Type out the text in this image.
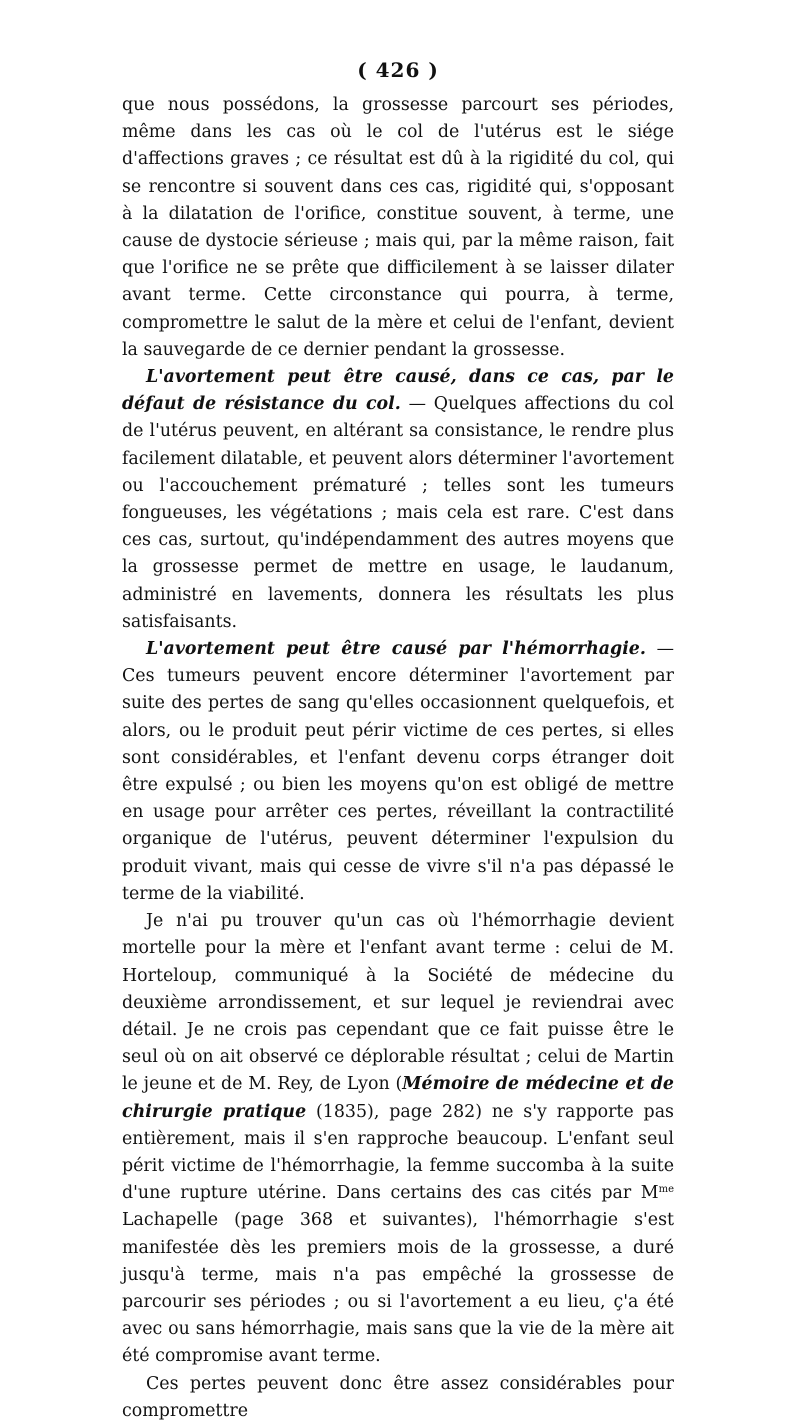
( 426 )

que nous possédons, la grossesse parcourt ses périodes, même dans les cas où le col de l'utérus est le siége d'affections graves ; ce résultat est dû à la rigidité du col, qui se rencontre si souvent dans ces cas, rigidité qui, s'opposant à la dilatation de l'orifice, constitue souvent, à terme, une cause de dystocie sérieuse ; mais qui, par la même raison, fait que l'orifice ne se prête que difficilement à se laisser dilater avant terme. Cette circonstance qui pourra, à terme, compromettre le salut de la mère et celui de l'enfant, devient la sauvegarde de ce dernier pendant la grossesse.

L'avortement peut être causé, dans ce cas, par le défaut de résistance du col. — Quelques affections du col de l'utérus peuvent, en altérant sa consistance, le rendre plus facilement dilatable, et peuvent alors déterminer l'avortement ou l'accouchement prématuré ; telles sont les tumeurs fongueuses, les végétations ; mais cela est rare. C'est dans ces cas, surtout, qu'indépendamment des autres moyens que la grossesse permet de mettre en usage, le laudanum, administré en lavements, donnera les résultats les plus satisfaisants.

L'avortement peut être causé par l'hémorrhagie. — Ces tumeurs peuvent encore déterminer l'avortement par suite des pertes de sang qu'elles occasionnent quelquefois, et alors, ou le produit peut périr victime de ces pertes, si elles sont considérables, et l'enfant devenu corps étranger doit être expulsé ; ou bien les moyens qu'on est obligé de mettre en usage pour arrêter ces pertes, réveillant la contractilité organique de l'utérus, peuvent déterminer l'expulsion du produit vivant, mais qui cesse de vivre s'il n'a pas dépassé le terme de la viabilité.

Je n'ai pu trouver qu'un cas où l'hémorrhagie devient mortelle pour la mère et l'enfant avant terme : celui de M. Horteloup, communiqué à la Société de médecine du deuxième arrondissement, et sur lequel je reviendrai avec détail. Je ne crois pas cependant que ce fait puisse être le seul où on ait observé ce déplorable résultat ; celui de Martin le jeune et de M. Rey, de Lyon (Mémoire de médecine et de chirurgie pratique (1835), page 282) ne s'y rapporte pas entièrement, mais il s'en rapproche beaucoup. L'enfant seul périt victime de l'hémorrhagie, la femme succomba à la suite d'une rupture utérine. Dans certains des cas cités par $M^{me}$ Lachapelle (page 368 et suivantes), l'hémorrhagie s'est manifestée dès les premiers mois de la grossesse, a duré jusqu'à terme, mais n'a pas empêché la grossesse de parcourir ses périodes ; ou si l'avortement a eu lieu, ç'a été avec ou sans hémorrhagie, mais sans que la vie de la mère ait été compromise avant terme.

Ces pertes peuvent donc être assez considérables pour compromettre
